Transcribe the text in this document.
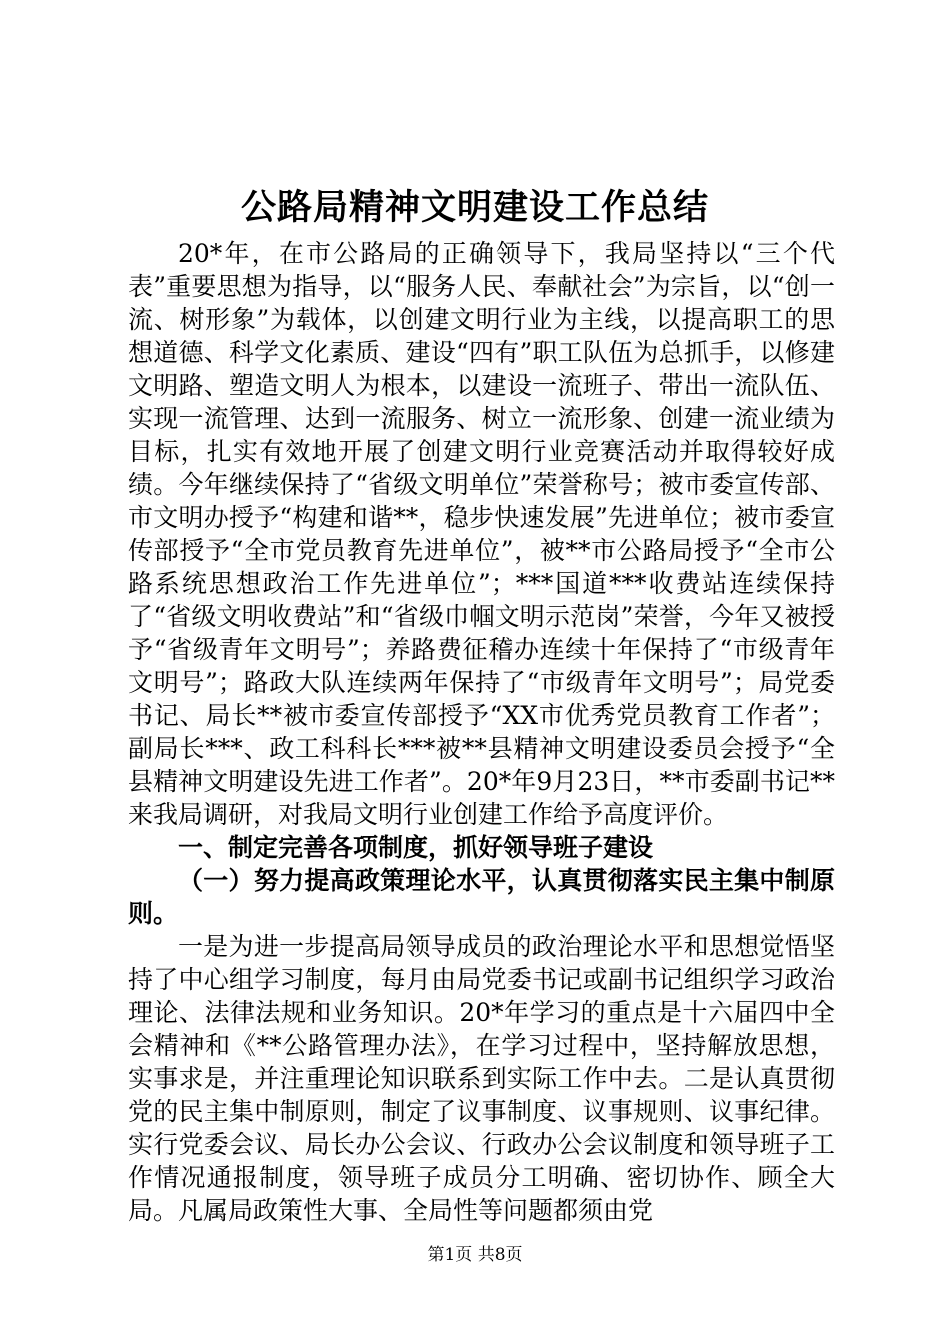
公路局精神文明建设工作总结

20*年，在市公路局的正确领导下，我局坚持以“三个代表”重要思想为指导，以“服务人民、奉献社会”为宗旨，以“创一流、树形象”为载体，以创建文明行业为主线，以提高职工的思想道德、科学文化素质、建设“四有”职工队伍为总抓手，以修建文明路、塑造文明人为根本，以建设一流班子、带出一流队伍、实现一流管理、达到一流服务、树立一流形象、创建一流业绩为目标，扎实有效地开展了创建文明行业竞赛活动并取得较好成绩。今年继续保持了“省级文明单位”荣誉称号；被市委宣传部、市文明办授予“构建和谐**，稳步快速发展”先进单位；被市委宣传部授予“全市党员教育先进单位”，被**市公路局授予“全市公路系统思想政治工作先进单位”；***国道***收费站连续保持了“省级文明收费站”和“省级巾帼文明示范岗”荣誉，今年又被授予“省级青年文明号”；养路费征稽办连续十年保持了“市级青年文明号”；路政大队连续两年保持了“市级青年文明号”；局党委书记、局长**被市委宣传部授予“XX市优秀党员教育工作者”；副局长***、政工科科长***被**县精神文明建设委员会授予“全县精神文明建设先进工作者”。20*年9月23日，**市委副书记**来我局调研，对我局文明行业创建工作给予高度评价。

一、制定完善各项制度，抓好领导班子建设

（一）努力提高政策理论水平，认真贯彻落实民主集中制原则。

一是为进一步提高局领导成员的政治理论水平和思想觉悟坚持了中心组学习制度，每月由局党委书记或副书记组织学习政治理论、法律法规和业务知识。20*年学习的重点是十六届四中全会精神和《**公路管理办法》，在学习过程中，坚持解放思想，实事求是，并注重理论知识联系到实际工作中去。二是认真贯彻党的民主集中制原则，制定了议事制度、议事规则、议事纪律。实行党委会议、局长办公会议、行政办公会议制度和领导班子工作情况通报制度，领导班子成员分工明确、密切协作、顾全大局。凡属局政策性大事、全局性等问题都须由党

第1页 共8页
